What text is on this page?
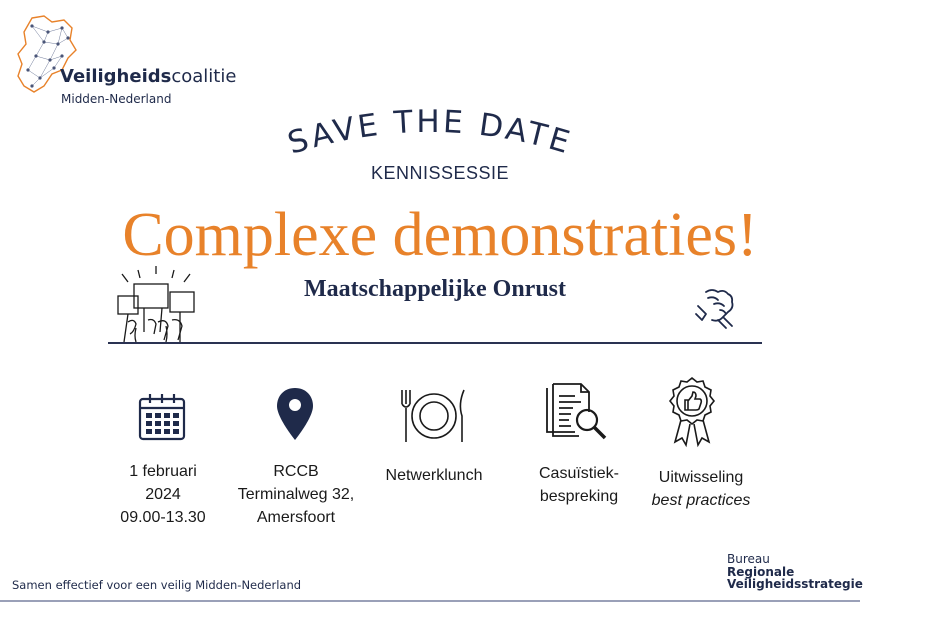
Veiligheidscoalitie
Midden-Nederland
SAVE THE DATE
KENNISSESSIE
Complexe demonstraties!
Maatschappelijke Onrust
1 februari
2024
09.00-13.30
RCCB
Terminalweg 32,
Amersfoort
Netwerklunch	Casuïstiek-
bespreking
Uitwisseling
best practices
Samen effectief voor een veilig Midden-Nederland
Bureau
Regionale
Veiligheidsstrategie
